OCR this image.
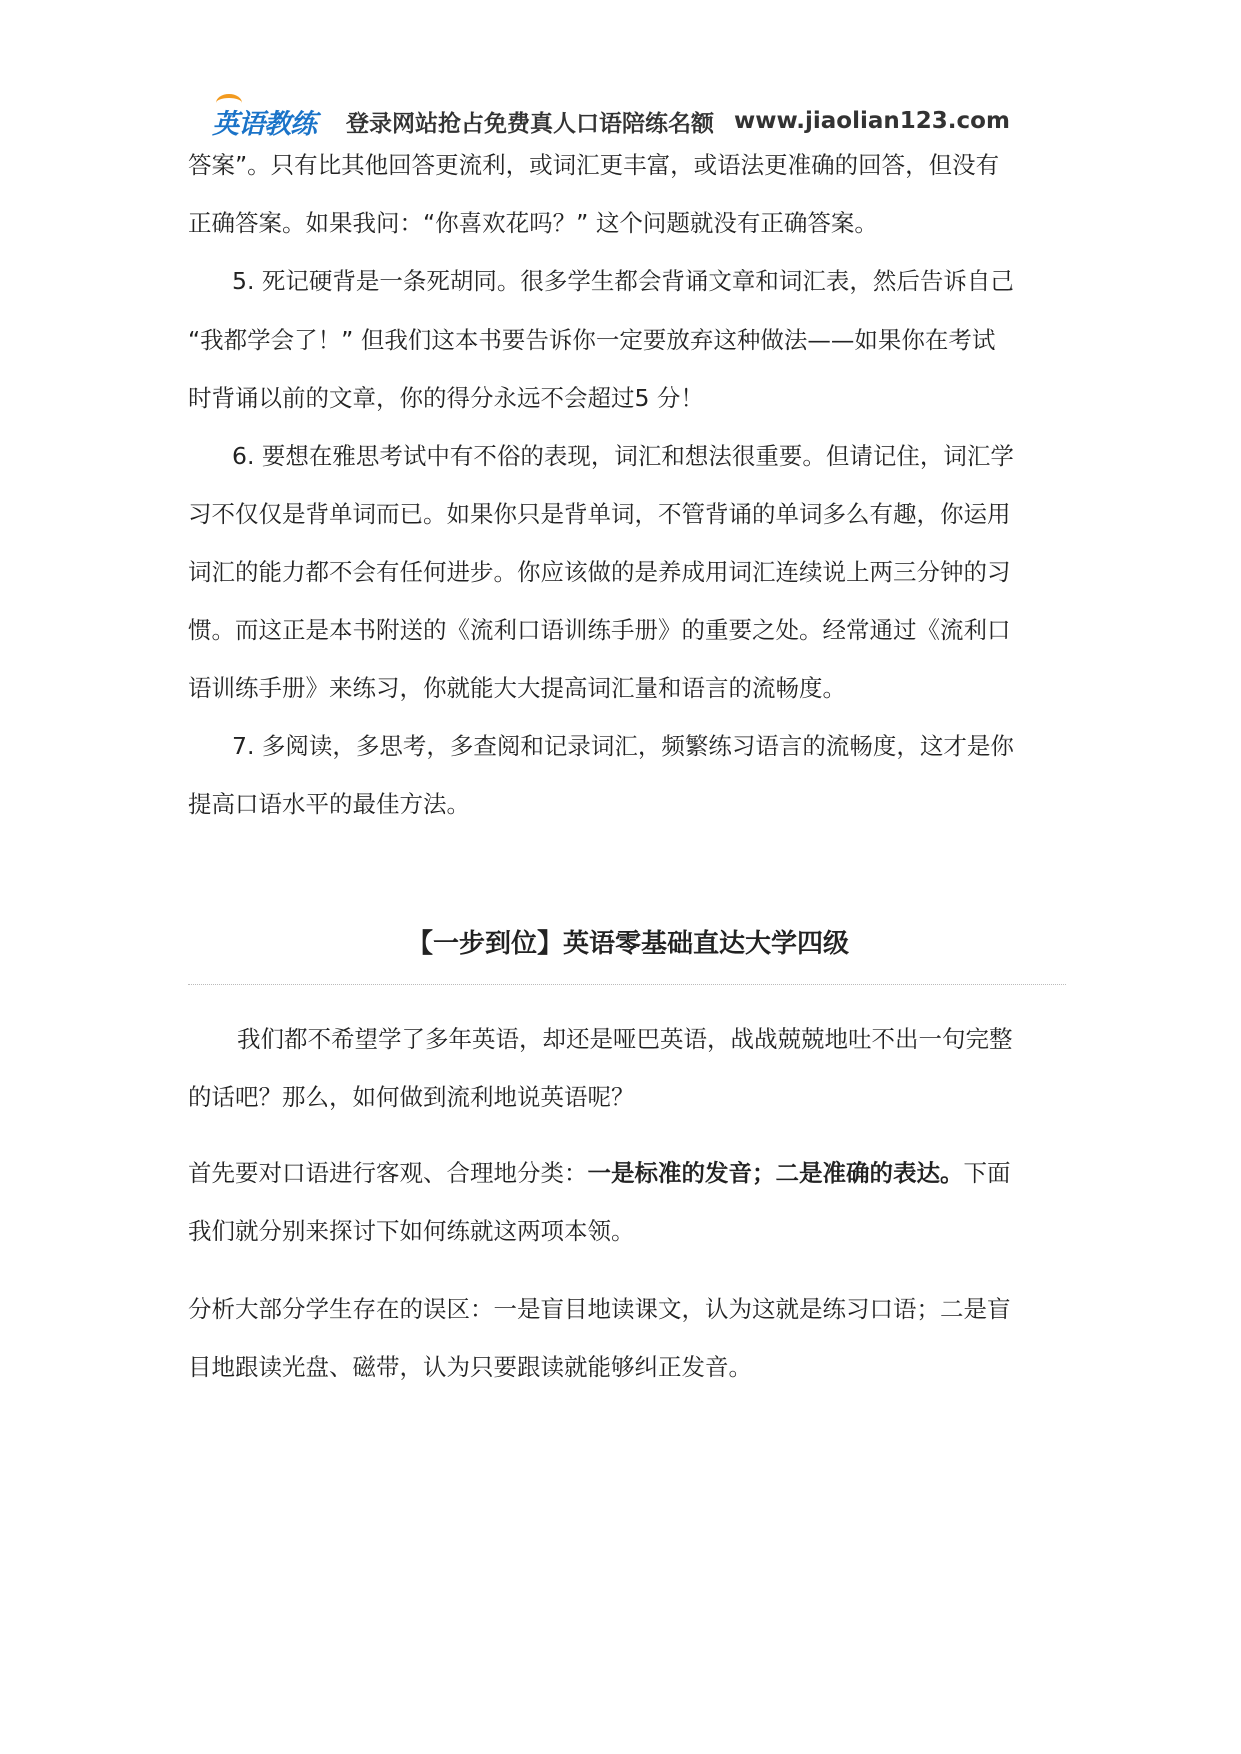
英语教练 登录网站抢占免费真人口语陪练名额 www.jiaolian123.com
答案”。只有比其他回答更流利，或词汇更丰富，或语法更准确的回答，但没有
正确答案。如果我问：“你喜欢花吗？” 这个问题就没有正确答案。
5. 死记硬背是一条死胡同。很多学生都会背诵文章和词汇表，然后告诉自己
“我都学会了！” 但我们这本书要告诉你一定要放弃这种做法——如果你在考试
时背诵以前的文章，你的得分永远不会超过5 分！
6. 要想在雅思考试中有不俗的表现，词汇和想法很重要。但请记住，词汇学
习不仅仅是背单词而已。如果你只是背单词，不管背诵的单词多么有趣，你运用
词汇的能力都不会有任何进步。你应该做的是养成用词汇连续说上两三分钟的习
惯。而这正是本书附送的《流利口语训练手册》的重要之处。经常通过《流利口
语训练手册》来练习，你就能大大提高词汇量和语言的流畅度。
7. 多阅读，多思考，多查阅和记录词汇，频繁练习语言的流畅度，这才是你
提高口语水平的最佳方法。
【一步到位】英语零基础直达大学四级
我们都不希望学了多年英语，却还是哑巴英语，战战兢兢地吐不出一句完整
的话吧？那么，如何做到流利地说英语呢？
首先要对口语进行客观、合理地分类：一是标准的发音；二是准确的表达。下面
我们就分别来探讨下如何练就这两项本领。
分析大部分学生存在的误区：一是盲目地读课文，认为这就是练习口语；二是盲
目地跟读光盘、磁带，认为只要跟读就能够纠正发音。
